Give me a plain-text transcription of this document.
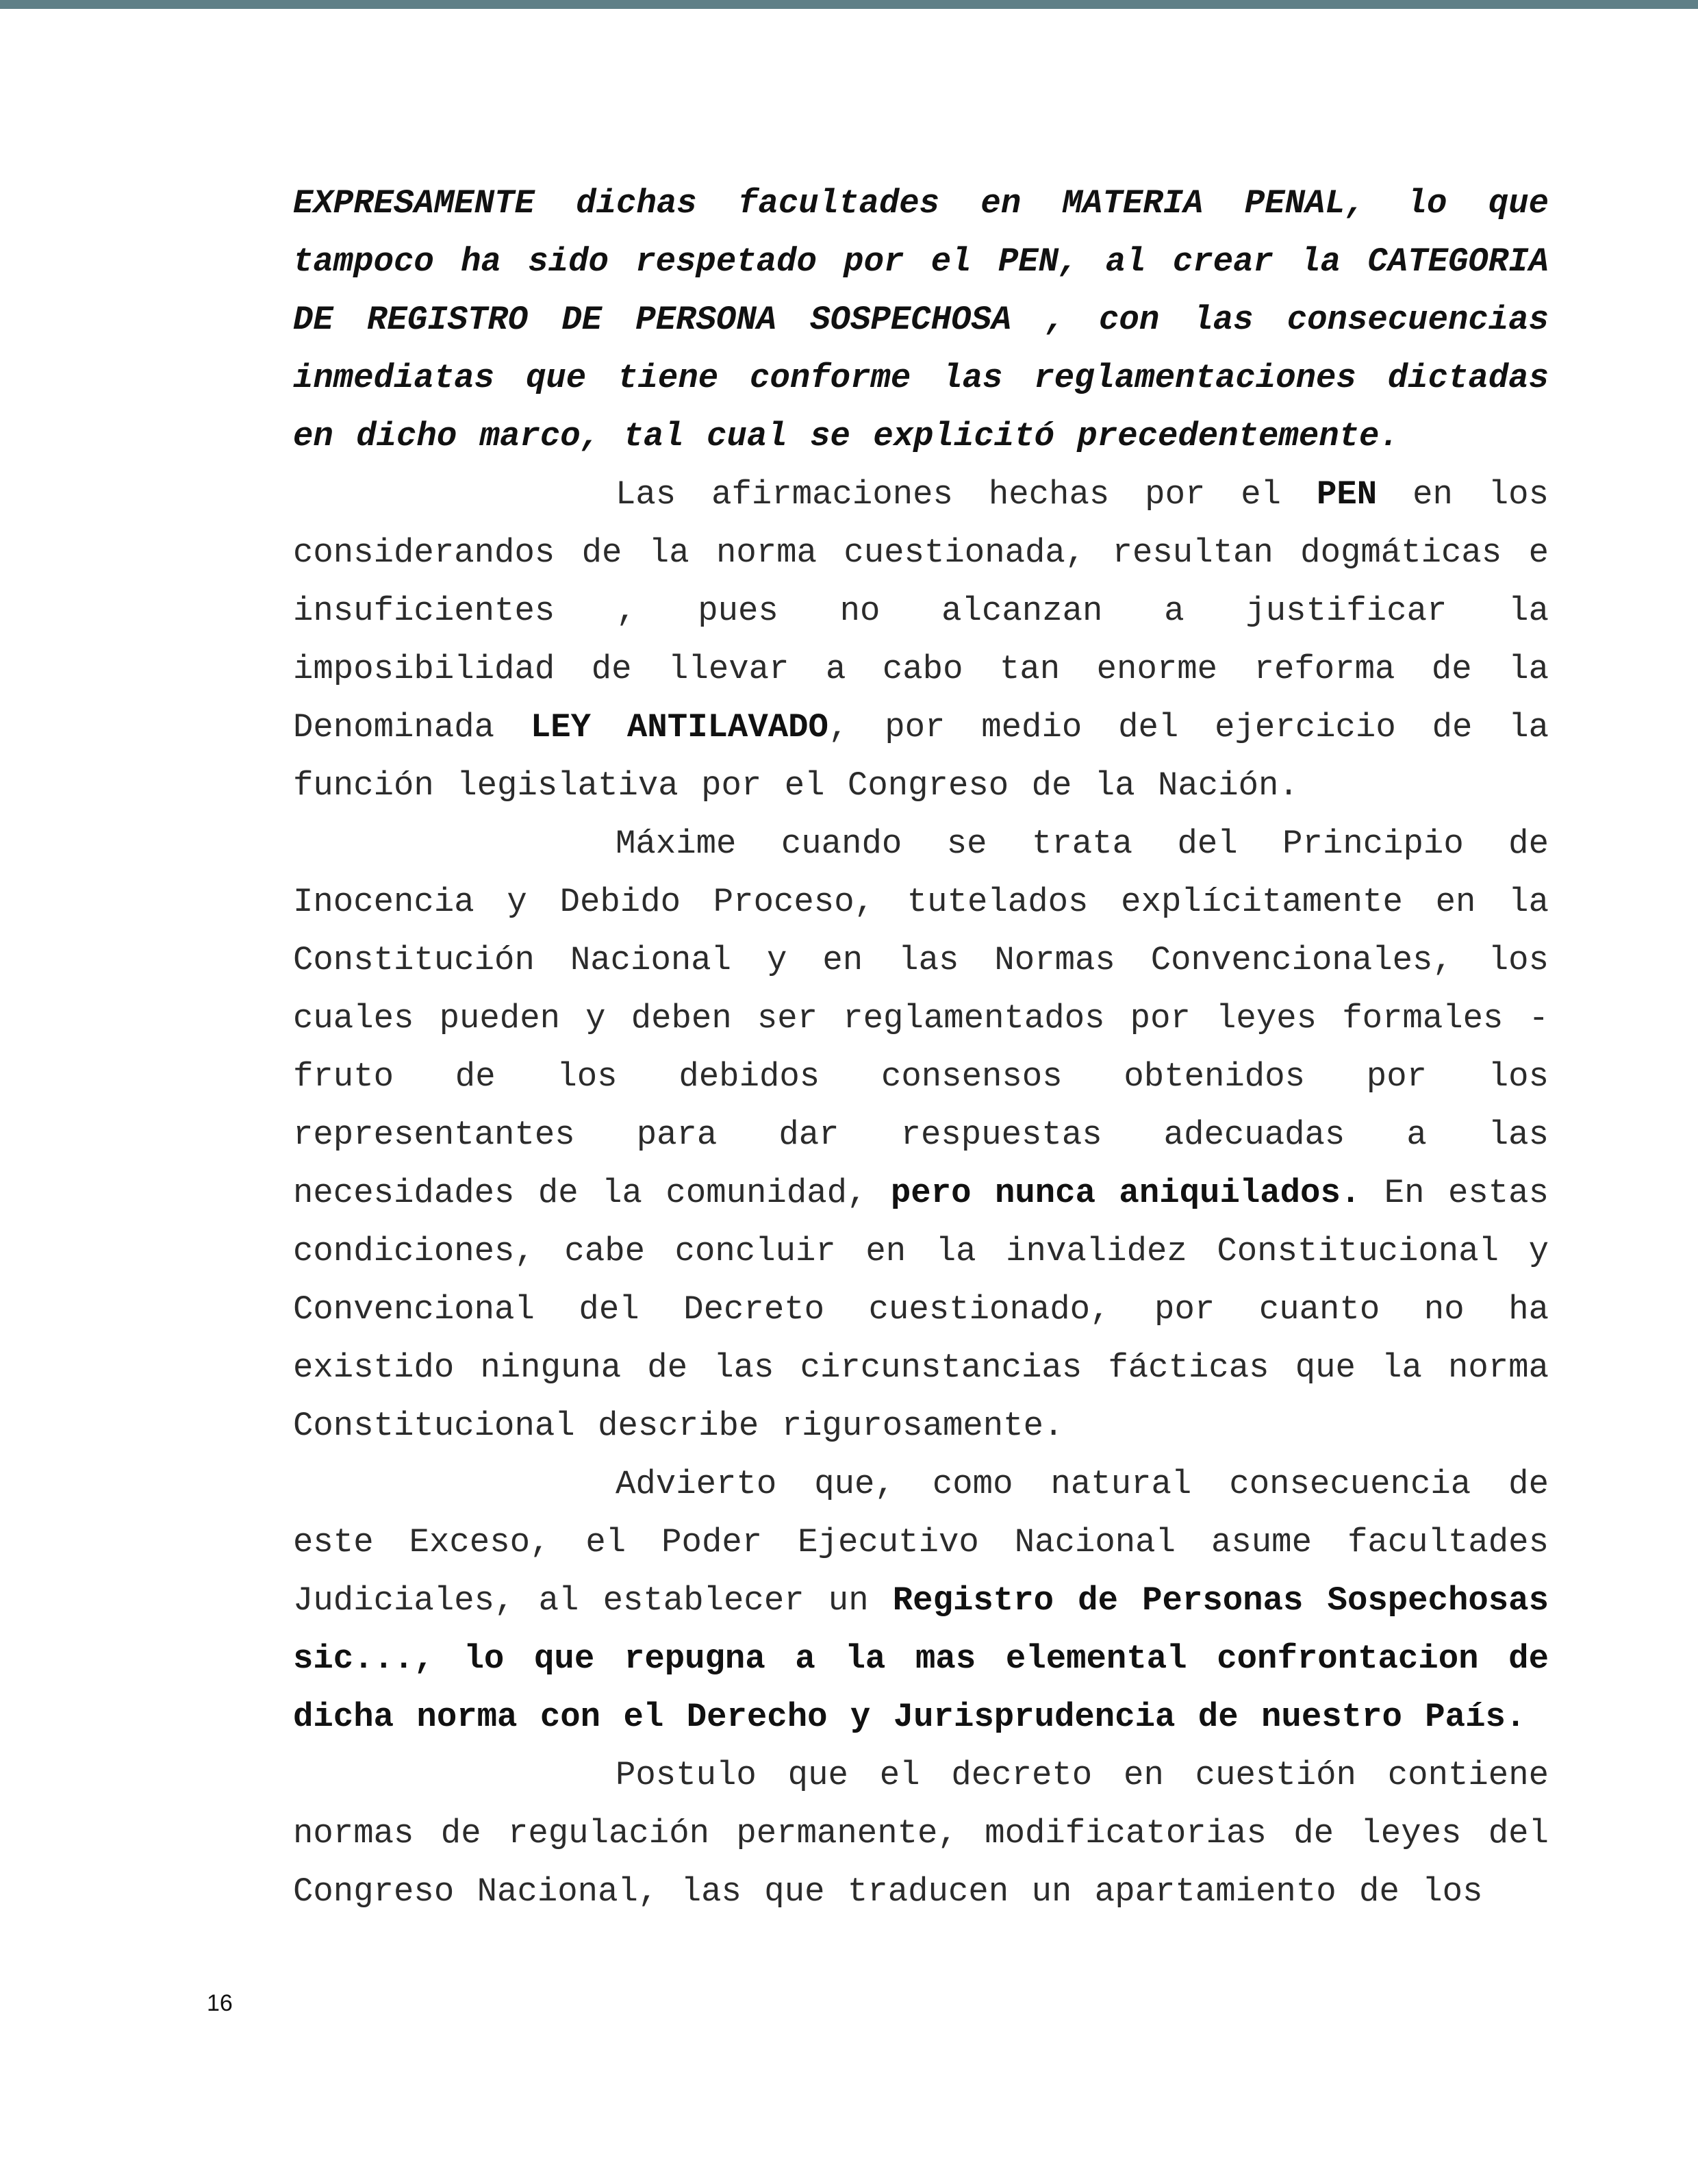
EXPRESAMENTE dichas facultades en MATERIA PENAL, lo que tampoco ha sido respetado por el PEN, al crear la CATEGORIA DE REGISTRO DE PERSONA SOSPECHOSA , con las consecuencias inmediatas que tiene conforme las reglamentaciones dictadas en dicho marco, tal cual se explicitó precedentemente.

Las afirmaciones hechas por el PEN en los considerandos de la norma cuestionada, resultan dogmáticas e insuficientes , pues no alcanzan a justificar la imposibilidad de llevar a cabo tan enorme reforma de la Denominada LEY ANTILAVADO, por medio del ejercicio de la función legislativa por el Congreso de la Nación.

Máxime cuando se trata del Principio de Inocencia y Debido Proceso, tutelados explícitamente en la Constitución Nacional y en las Normas Convencionales, los cuales pueden y deben ser reglamentados por leyes formales -fruto de los debidos consensos obtenidos por los representantes para dar respuestas adecuadas a las necesidades de la comunidad, pero nunca aniquilados. En estas condiciones, cabe concluir en la invalidez Constitucional y Convencional del Decreto cuestionado, por cuanto no ha existido ninguna de las circunstancias fácticas que la norma Constitucional describe rigurosamente.

Advierto que, como natural consecuencia de este Exceso, el Poder Ejecutivo Nacional asume facultades Judiciales, al establecer un Registro de Personas Sospechosas sic..., lo que repugna a la mas elemental confrontacion de dicha norma con el Derecho y Jurisprudencia de nuestro País.

Postulo que el decreto en cuestión contiene normas de regulación permanente, modificatorias de leyes del Congreso Nacional, las que traducen un apartamiento de los

16
